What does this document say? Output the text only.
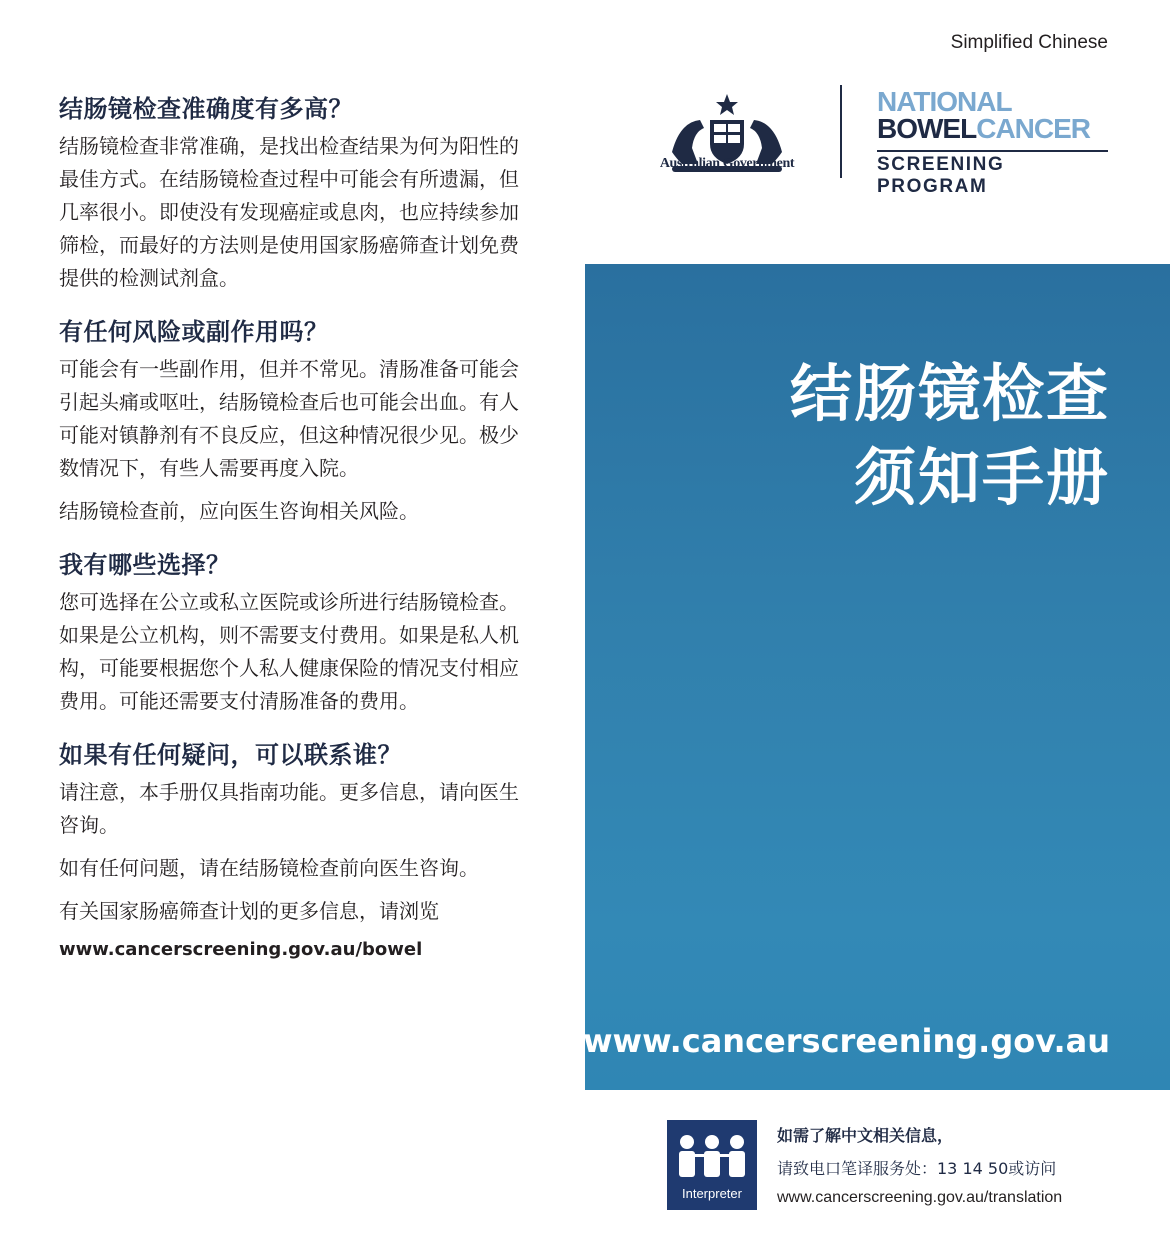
结肠镜检查准确度有多高？

结肠镜检查非常准确，是找出检查结果为何为阳性的最佳方式。在结肠镜检查过程中可能会有所遗漏，但几率很小。即使没有发现癌症或息肉，也应持续参加筛检，而最好的方法则是使用国家肠癌筛查计划免费提供的检测试剂盒。

有任何风险或副作用吗？

可能会有一些副作用，但并不常见。清肠准备可能会引起头痛或呕吐，结肠镜检查后也可能会出血。有人可能对镇静剂有不良反应，但这种情况很少见。极少数情况下，有些人需要再度入院。

结肠镜检查前，应向医生咨询相关风险。

我有哪些选择？

您可选择在公立或私立医院或诊所进行结肠镜检查。如果是公立机构，则不需要支付费用。如果是私人机构，可能要根据您个人私人健康保险的情况支付相应费用。可能还需要支付清肠准备的费用。

如果有任何疑问，可以联系谁？

请注意，本手册仅具指南功能。更多信息，请向医生咨询。

如有任何问题，请在结肠镜检查前向医生咨询。

有关国家肠癌筛查计划的更多信息，请浏览

www.cancerscreening.gov.au/bowel
Simplified Chinese
Australian Government
NATIONAL
BOWELCANCER
SCREENING PROGRAM
结肠镜检查
须知手册
www.cancerscreening.gov.au
Interpreter
如需了解中文相关信息，
请致电口笔译服务处：13 14 50或访问
www.cancerscreening.gov.au/translation
